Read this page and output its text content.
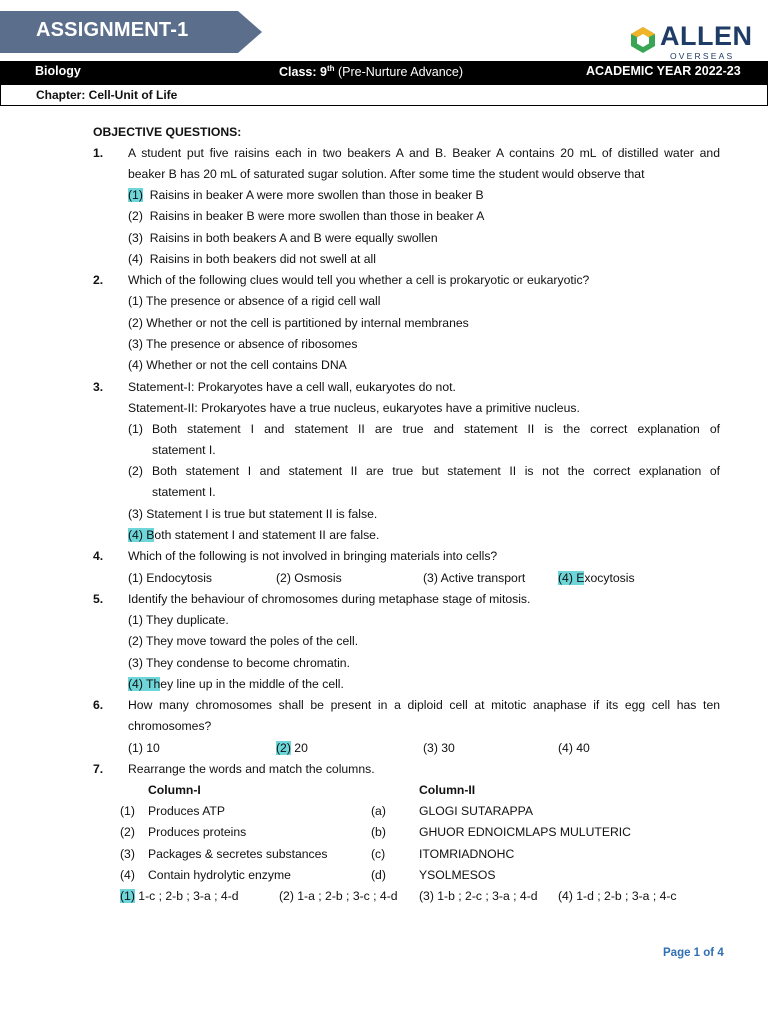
ASSIGNMENT-1	ALLEN
OVERSEAS
Biology	Class: 9th (Pre-Nurture Advance)	ACADEMIC YEAR 2022-23
Chapter: Cell-Unit of Life
OBJECTIVE QUESTIONS:
1. A student put five raisins each in two beakers A and B. Beaker A contains 20 mL of distilled water and
beaker B has 20 mL of saturated sugar solution. After some time the student would observe that
(1) Raisins in beaker A were more swollen than those in beaker B
(2) Raisins in beaker B were more swollen than those in beaker A
(3) Raisins in both beakers A and B were equally swollen
(4) Raisins in both beakers did not swell at all
2. Which of the following clues would tell you whether a cell is prokaryotic or eukaryotic?
(1) The presence or absence of a rigid cell wall
(2) Whether or not the cell is partitioned by internal membranes
(3) The presence or absence of ribosomes
(4) Whether or not the cell contains DNA
3. Statement-I: Prokaryotes have a cell wall, eukaryotes do not.
Statement-II: Prokaryotes have a true nucleus, eukaryotes have a primitive nucleus.
(1) Both statement I and statement II are true and statement II is the correct explanation of
statement I.
(2) Both statement I and statement II are true but statement II is not the correct explanation of
statement I.
(3) Statement I is true but statement II is false.
(4) Both statement I and statement II are false.
4. Which of the following is not involved in bringing materials into cells?
(1) Endocytosis	(2) Osmosis	(3) Active transport	(4) Exocytosis
5. Identify the behaviour of chromosomes during metaphase stage of mitosis.
(1) They duplicate.
(2) They move toward the poles of the cell.
(3) They condense to become chromatin.
(4) They line up in the middle of the cell.
6. How many chromosomes shall be present in a diploid cell at mitotic anaphase if its egg cell has ten
chromosomes?
(1) 10	(2) 20	(3) 30	(4) 40
7. Rearrange the words and match the columns.
Column-I	Column-II
(1) Produces ATP	(a)	GLOGI SUTARAPPA
(2) Produces proteins	(b)	GHUOR EDNOICMLAPS MULUTERIC
(3) Packages & secretes substances	(c)	ITOMRIADNOHC
(4) Contain hydrolytic enzyme	(d)	YSOLMESOS
(1) 1-c ; 2-b ; 3-a ; 4-d	(2) 1-a ; 2-b ; 3-c ; 4-d (3) 1-b ; 2-c ; 3-a ; 4-d (4) 1-d ; 2-b ; 3-a ; 4-c
Page 1 of 4
